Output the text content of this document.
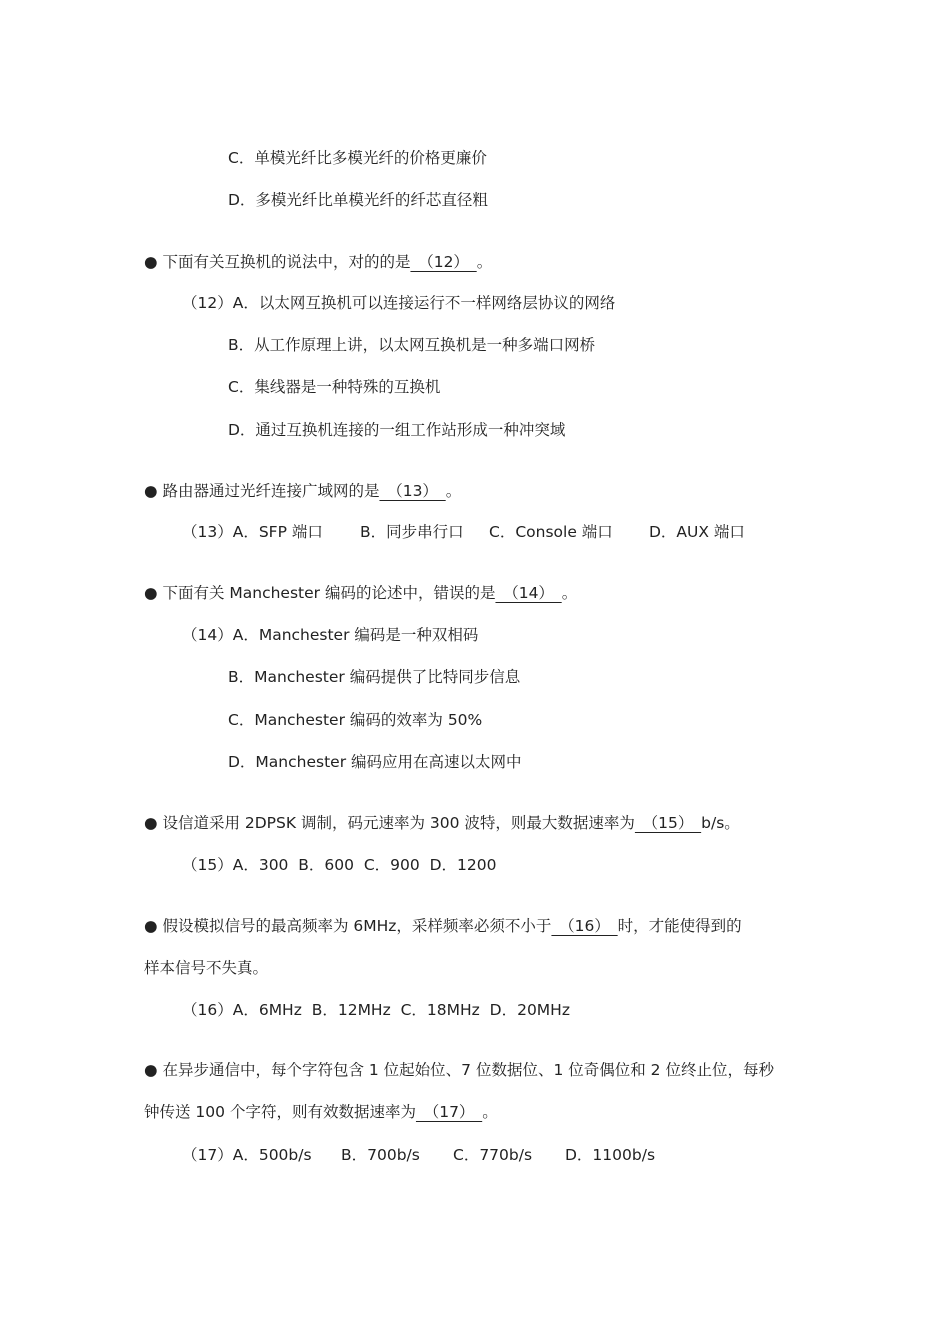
C．单模光纤比多模光纤的价格更廉价
D．多模光纤比单模光纤的纤芯直径粗
● 下面有关互换机的说法中，对的的是　（12）　。
（12）A．以太网互换机可以连接运行不一样网络层协议的网络
B．从工作原理上讲，以太网互换机是一种多端口网桥
C．集线器是一种特殊的互换机
D．通过互换机连接的一组工作站形成一种冲突域
● 路由器通过光纤连接广域网的是　（13）　。
（13）A．SFP 端口 B．同步串行口 C．Console 端口 D．AUX 端口
● 下面有关 Manchester 编码的论述中，错误的是　（14）　。
（14）A．Manchester 编码是一种双相码
B．Manchester 编码提供了比特同步信息
C．Manchester 编码的效率为 50%
D．Manchester 编码应用在高速以太网中
● 设信道采用 2DPSK 调制，码元速率为 300 波特，则最大数据速率为　（15）　b/s。
（15）A．300  B．600  C．900  D．1200
● 假设模拟信号的最高频率为 6MHz，采样频率必须不小于　（16）　时，才能使得到的
样本信号不失真。
（16）A．6MHz  B．12MHz  C．18MHz  D．20MHz
● 在异步通信中，每个字符包含 1 位起始位、7 位数据位、1 位奇偶位和 2 位终止位，每秒
钟传送 100 个字符，则有效数据速率为　（17）　。
（17）A．500b/s B．700b/s C．770b/s D．1100b/s
